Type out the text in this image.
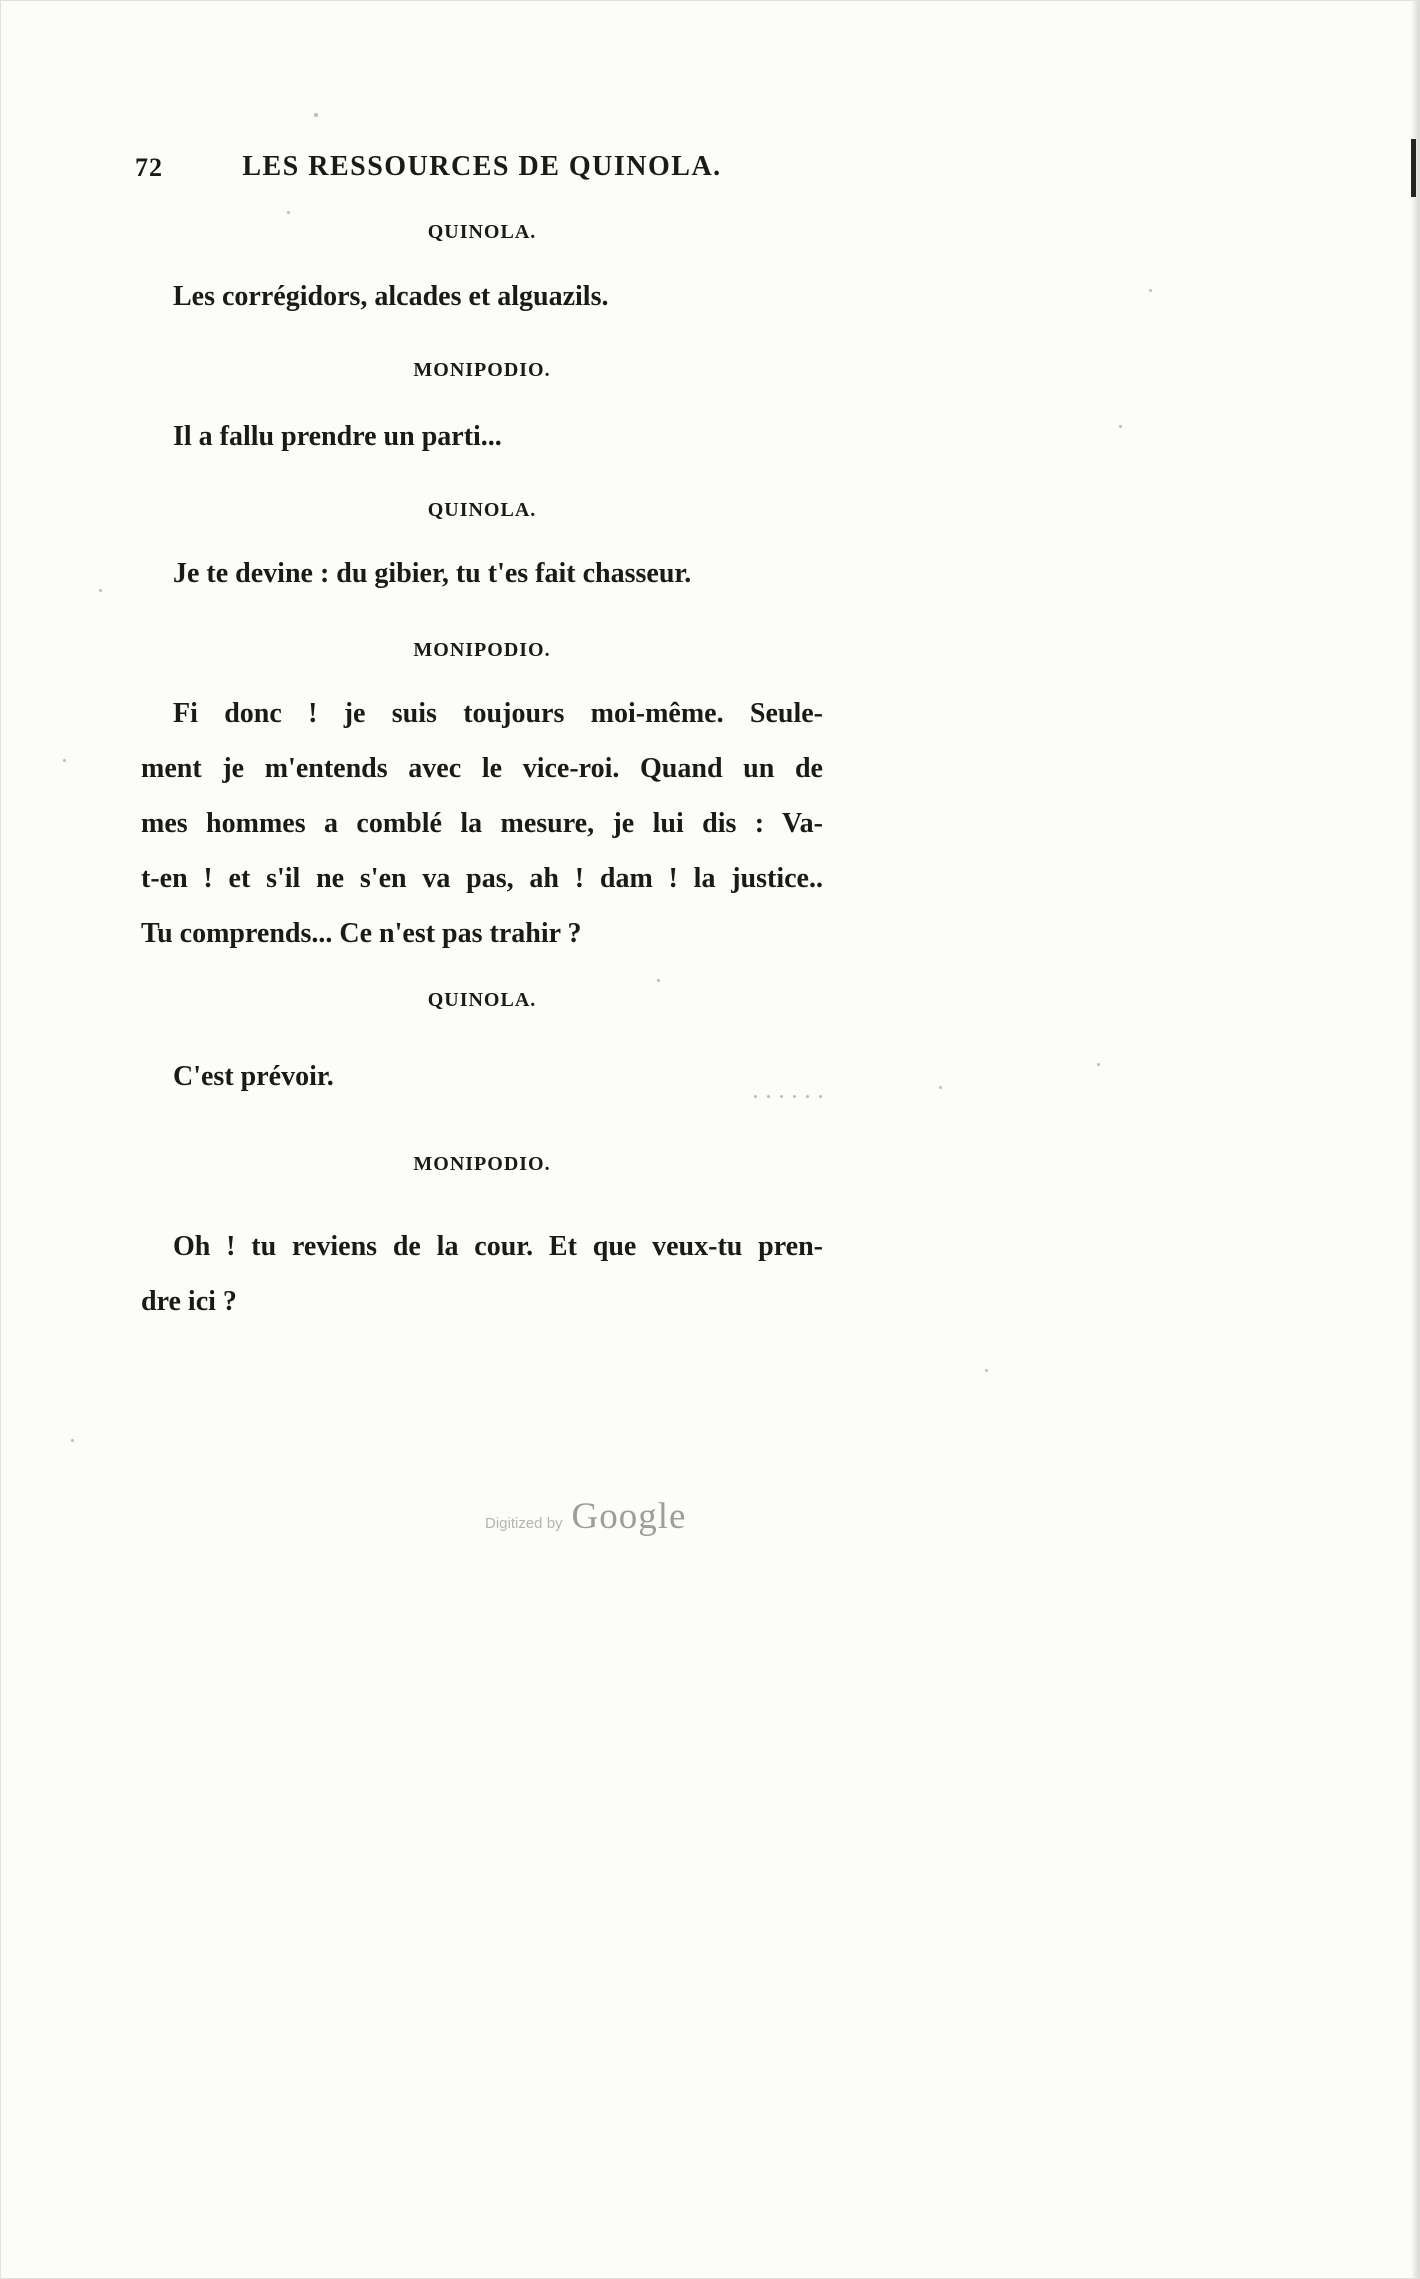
72	LES RESSOURCES DE QUINOLA.
QUINOLA.
Les corrégidors, alcades et alguazils.
MONIPODIO.
Il a fallu prendre un parti...
QUINOLA.
Je te devine : du gibier, tu t'es fait chasseur.
MONIPODIO.
Fi donc ! je suis toujours moi-même. Seule-
ment je m'entends avec le vice-roi. Quand un de
mes hommes a comblé la mesure, je lui dis : Va-
t-en ! et s'il ne s'en va pas, ah ! dam ! la justice..
Tu comprends... Ce n'est pas trahir ?
QUINOLA.
C'est prévoir.
MONIPODIO.
Oh ! tu reviens de la cour. Et que veux-tu pren-
dre ici ?
Digitized by Google
